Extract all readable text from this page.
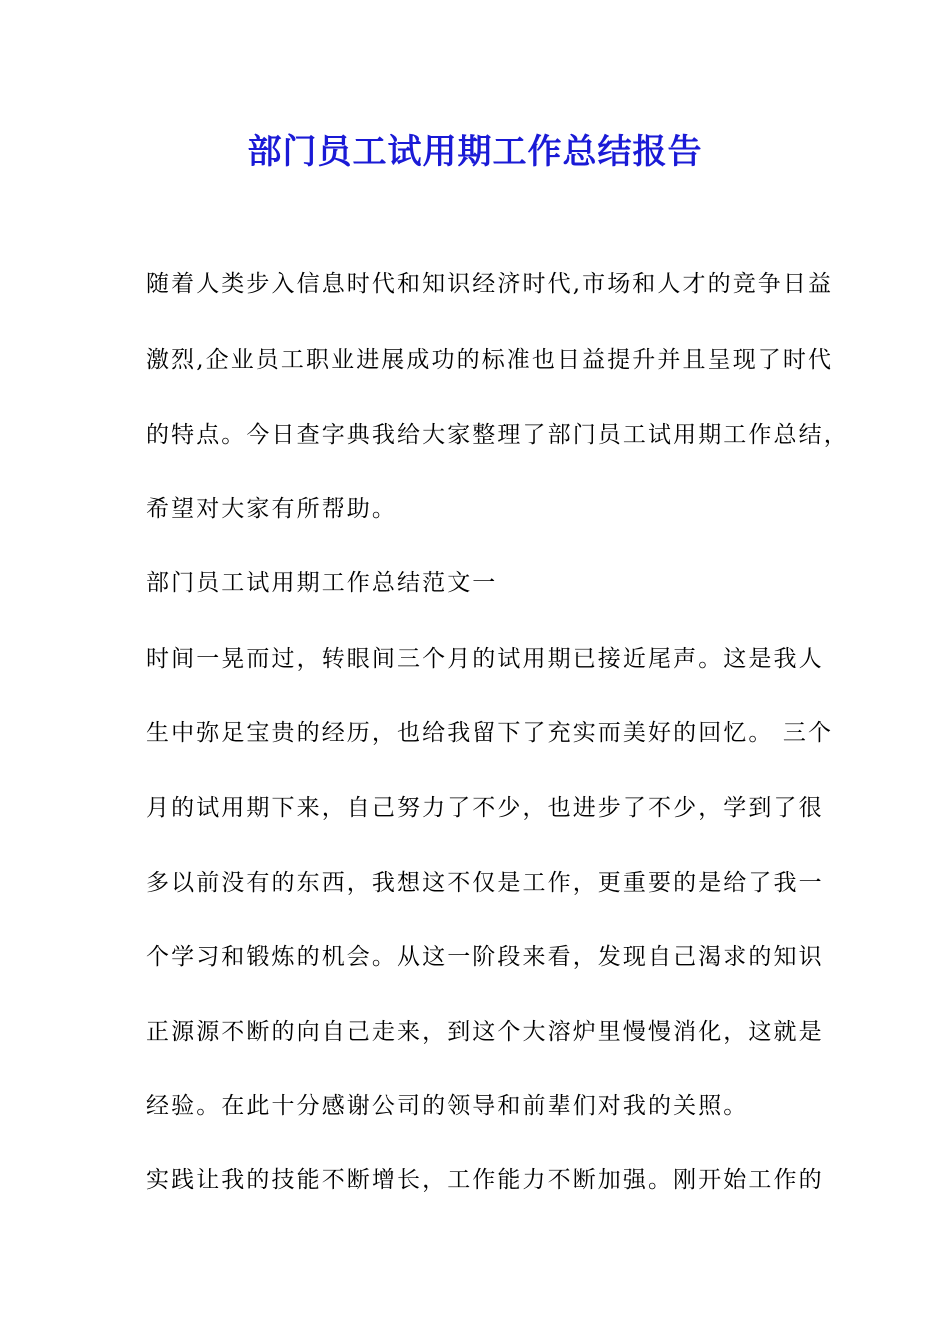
部门员工试用期工作总结报告
随着人类步入信息时代和知识经济时代,市场和人才的竞争日益
激烈,企业员工职业进展成功的标准也日益提升并且呈现了时代
的特点。今日查字典我给大家整理了部门员工试用期工作总结，
希望对大家有所帮助。
部门员工试用期工作总结范文一
时间一晃而过，转眼间三个月的试用期已接近尾声。这是我人
生中弥足宝贵的经历，也给我留下了充实而美好的回忆。 三个
月的试用期下来，自己努力了不少，也进步了不少，学到了很
多以前没有的东西，我想这不仅是工作，更重要的是给了我一
个学习和锻炼的机会。从这一阶段来看，发现自己渴求的知识
正源源不断的向自己走来，到这个大溶炉里慢慢消化，这就是
经验。在此十分感谢公司的领导和前辈们对我的关照。
实践让我的技能不断增长，工作能力不断加强。刚开始工作的
